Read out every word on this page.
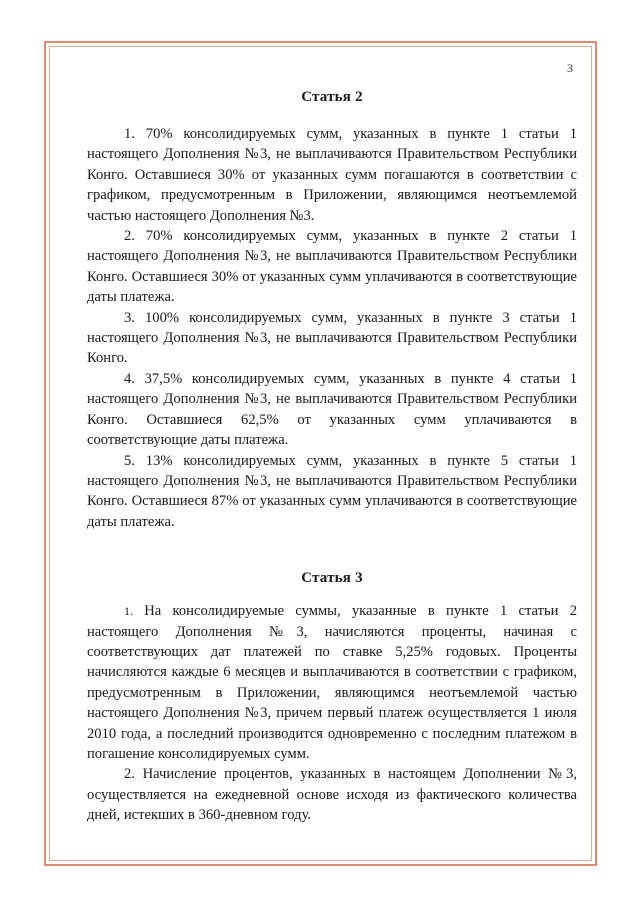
3
Статья 2

1. 70% консолидируемых сумм, указанных в пункте 1 статьи 1 настоящего Дополнения №3, не выплачиваются Правительством Республики Конго. Оставшиеся 30% от указанных сумм погашаются в соответствии с графиком, предусмотренным в Приложении, являющимся неотъемлемой частью настоящего Дополнения №3.

2. 70% консолидируемых сумм, указанных в пункте 2 статьи 1 настоящего Дополнения №3, не выплачиваются Правительством Республики Конго. Оставшиеся 30% от указанных сумм уплачиваются в соответствующие даты платежа.

3. 100% консолидируемых сумм, указанных в пункте 3 статьи 1 настоящего Дополнения №3, не выплачиваются Правительством Республики Конго.

4. 37,5% консолидируемых сумм, указанных в пункте 4 статьи 1 настоящего Дополнения №3, не выплачиваются Правительством Республики Конго. Оставшиеся 62,5% от указанных сумм уплачиваются в соответствующие даты платежа.

5. 13% консолидируемых сумм, указанных в пункте 5 статьи 1 настоящего Дополнения №3, не выплачиваются Правительством Республики Конго. Оставшиеся 87% от указанных сумм уплачиваются в соответствующие даты платежа.

Статья 3

1. На консолидируемые суммы, указанные в пункте 1 статьи 2 настоящего Дополнения №3, начисляются проценты, начиная с соответствующих дат платежей по ставке 5,25% годовых. Проценты начисляются каждые 6 месяцев и выплачиваются в соответствии с графиком, предусмотренным в Приложении, являющимся неотъемлемой частью настоящего Дополнения №3, причем первый платеж осуществляется 1 июля 2010 года, а последний производится одновременно с последним платежом в погашение консолидируемых сумм.

2. Начисление процентов, указанных в настоящем Дополнении №3, осуществляется на ежедневной основе исходя из фактического количества дней, истекших в 360-дневном году.
